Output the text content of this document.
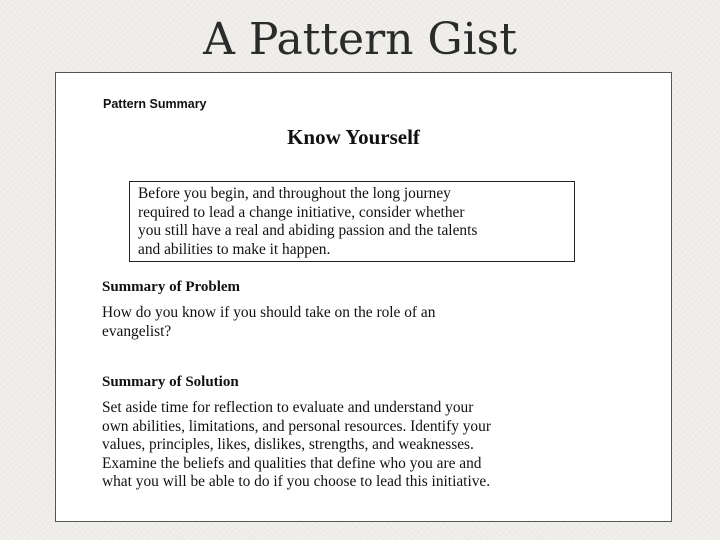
A Pattern Gist
Pattern Summary
Know Yourself
Before you begin, and throughout the long journey
required to lead a change initiative, consider whether
you still have a real and abiding passion and the talents
and abilities to make it happen.
Summary of Problem
How do you know if you should take on the role of an
evangelist?
Summary of Solution
Set aside time for reflection to evaluate and understand your
own abilities, limitations, and personal resources. Identify your
values, principles, likes, dislikes, strengths, and weaknesses.
Examine the beliefs and qualities that define who you are and
what you will be able to do if you choose to lead this initiative.
